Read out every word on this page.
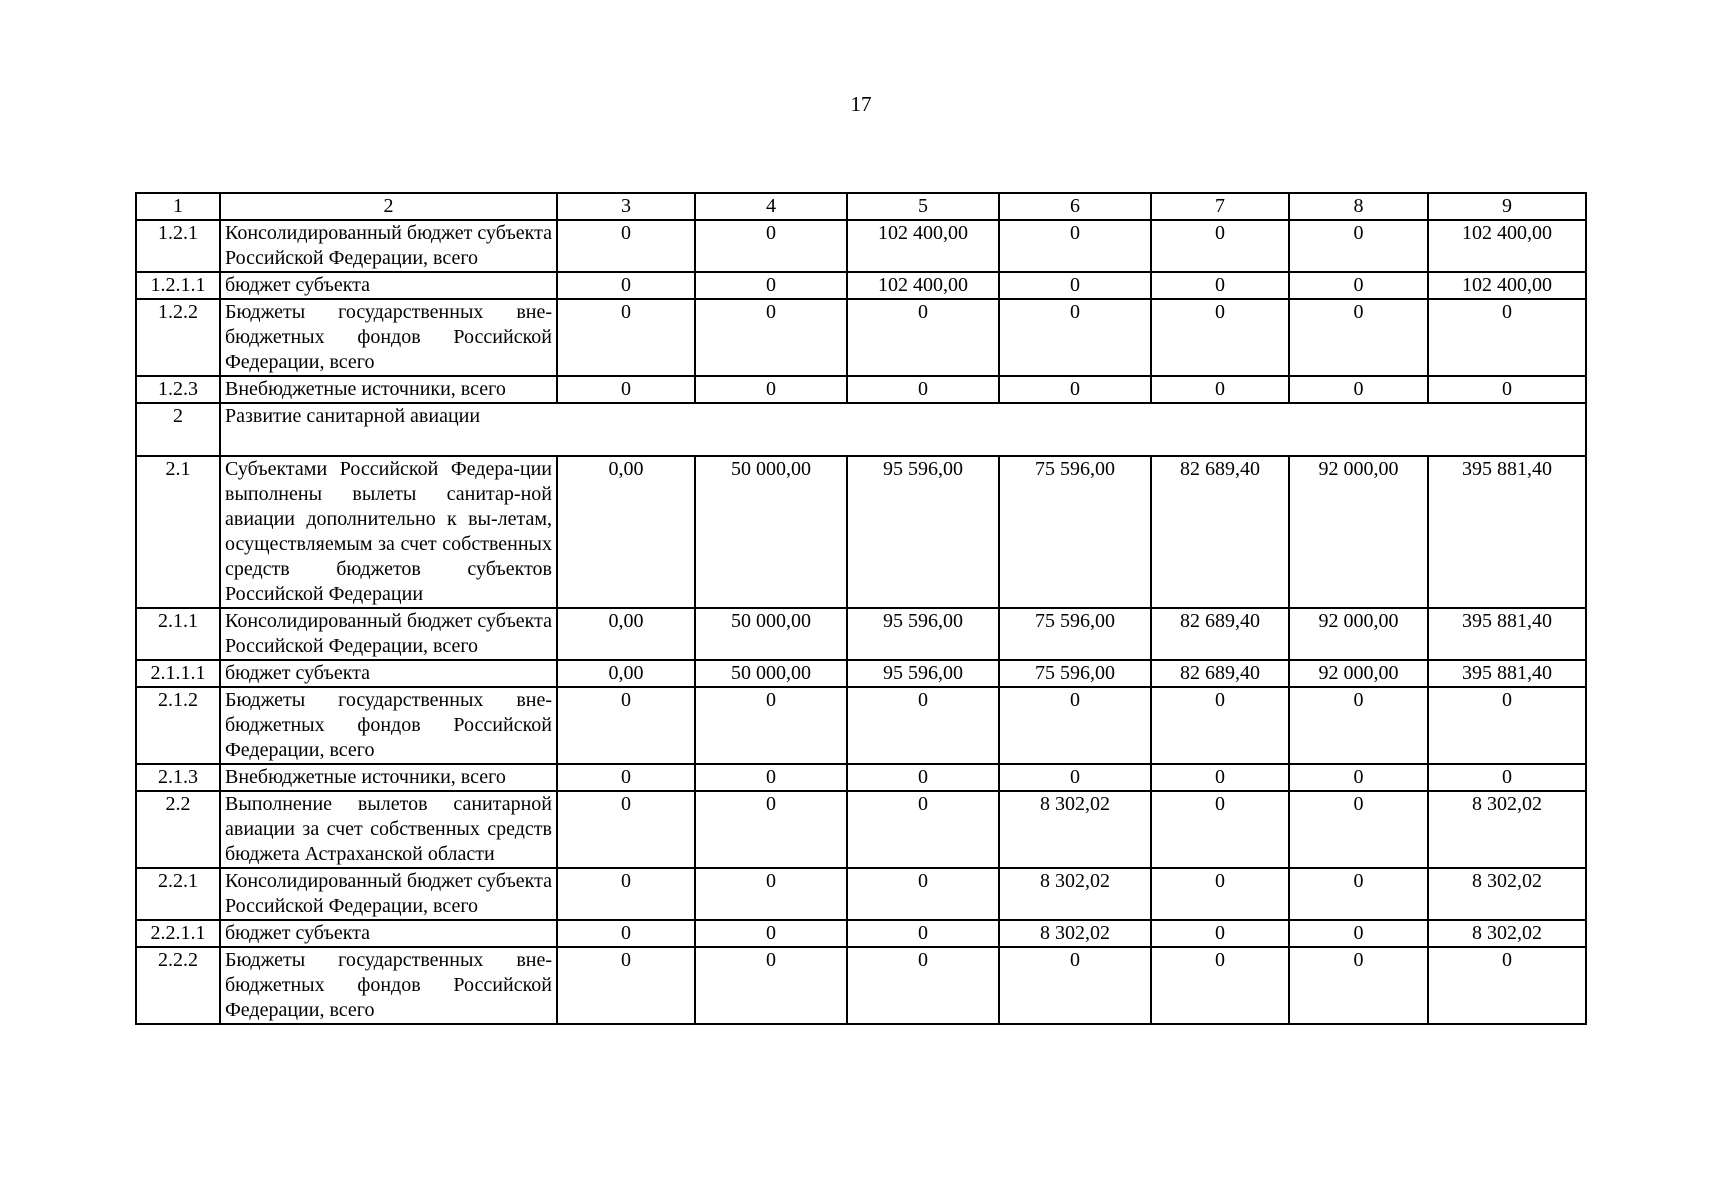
17
1	2	3	4	5	6	7	8	9
1.2.1	Консолидированный бюджет субъекта Российской Федерации, всего	0	0	102 400,00	0	0	0	102 400,00
1.2.1.1	бюджет субъекта	0	0	102 400,00	0	0	0	102 400,00
1.2.2	Бюджеты государственных вне-бюджетных фондов Российской Федерации, всего	0	0	0	0	0	0	0
1.2.3	Внебюджетные источники, всего	0	0	0	0	0	0	0
2	Развитие санитарной авиации							
2.1	Субъектами Российской Федера-ции выполнены вылеты санитар-ной авиации дополнительно к вы-летам, осуществляемым за счет собственных средств бюджетов субъектов Российской Федерации	0,00	50 000,00	95 596,00	75 596,00	82 689,40	92 000,00	395 881,40
2.1.1	Консолидированный бюджет субъекта Российской Федерации, всего	0,00	50 000,00	95 596,00	75 596,00	82 689,40	92 000,00	395 881,40
2.1.1.1	бюджет субъекта	0,00	50 000,00	95 596,00	75 596,00	82 689,40	92 000,00	395 881,40
2.1.2	Бюджеты государственных вне-бюджетных фондов Российской Федерации, всего	0	0	0	0	0	0	0
2.1.3	Внебюджетные источники, всего	0	0	0	0	0	0	0
2.2	Выполнение вылетов санитарной авиации за счет собственных средств бюджета Астраханской области	0	0	0	8 302,02	0	0	8 302,02
2.2.1	Консолидированный бюджет субъекта Российской Федерации, всего	0	0	0	8 302,02	0	0	8 302,02
2.2.1.1	бюджет субъекта	0	0	0	8 302,02	0	0	8 302,02
2.2.2	Бюджеты государственных вне-бюджетных фондов Российской Федерации, всего	0	0	0	0	0	0	0
